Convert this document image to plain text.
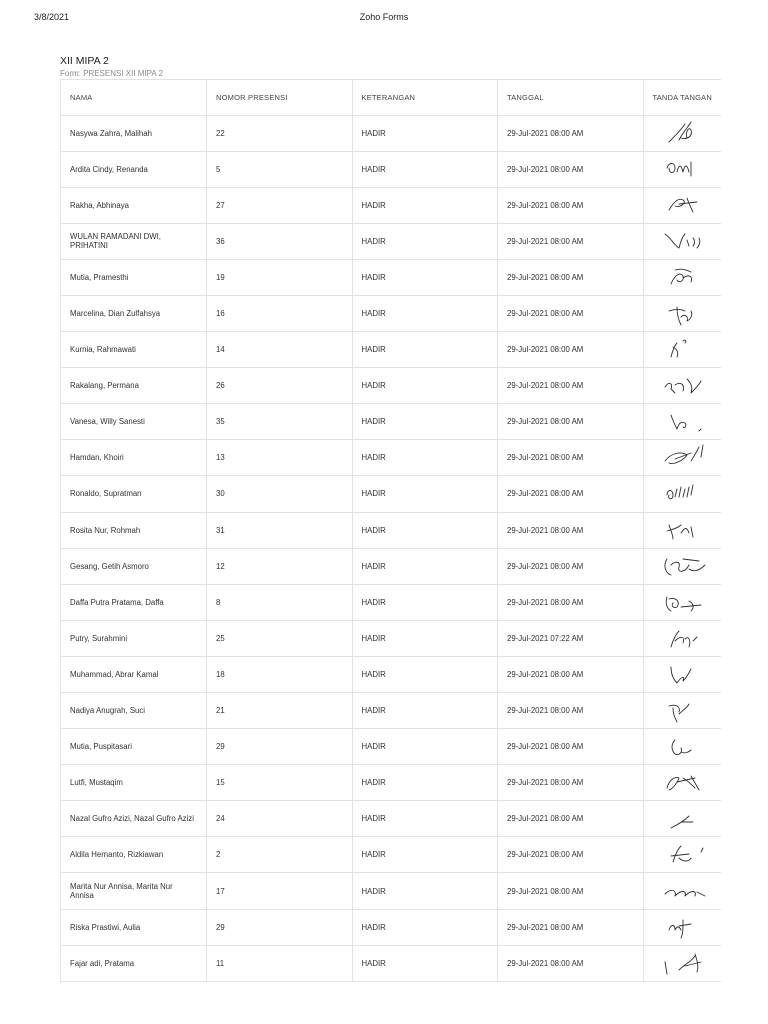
3/8/2021	Zoho Forms
XII MIPA 2
Form: PRESENSI XII MIPA 2
NAMA	NOMOR PRESENSI	KETERANGAN	TANGGAL	TANDA TANGAN
Nasywa Zahra, Malihah	22	HADIR	29-Jul-2021 08:00 AM	

Ardita Cindy, Renanda	5	HADIR	29-Jul-2021 08:00 AM	

Rakha, Abhinaya	27	HADIR	29-Jul-2021 08:00 AM	

WULAN RAMADANI DWI, PRIHATINI	36	HADIR	29-Jul-2021 08:00 AM	

Mutia, Pramesthi	19	HADIR	29-Jul-2021 08:00 AM	

Marcelina, Dian Zulfahsya	16	HADIR	29-Jul-2021 08:00 AM	

Kurnia, Rahmawati	14	HADIR	29-Jul-2021 08:00 AM	

Rakalang, Permana	26	HADIR	29-Jul-2021 08:00 AM	

Vanesa, Willy Sanesti	35	HADIR	29-Jul-2021 08:00 AM	

Hamdan, Khoiri	13	HADIR	29-Jul-2021 08:00 AM	

Ronaldo, Supratman	30	HADIR	29-Jul-2021 08:00 AM	

Rosita Nur, Rohmah	31	HADIR	29-Jul-2021 08:00 AM	

Gesang, Getih Asmoro	12	HADIR	29-Jul-2021 08:00 AM	

Daffa Putra Pratama, Daffa	8	HADIR	29-Jul-2021 08:00 AM	

Putry, Surahmini	25	HADIR	29-Jul-2021 07:22 AM	

Muhammad, Abrar Kamal	18	HADIR	29-Jul-2021 08:00 AM	

Nadiya Anugrah, Suci	21	HADIR	29-Jul-2021 08:00 AM	

Mutia, Puspitasari	29	HADIR	29-Jul-2021 08:00 AM	

Lutfi, Mustaqim	15	HADIR	29-Jul-2021 08:00 AM	

Nazal Gufro Azizi, Nazal Gufro Azizi	24	HADIR	29-Jul-2021 08:00 AM	

Aldila Hernanto, Rizkiawan	2	HADIR	29-Jul-2021 08:00 AM	

Marita Nur Annisa, Marita Nur Annisa	17	HADIR	29-Jul-2021 08:00 AM	

Riska Prastiwi, Aulia	29	HADIR	29-Jul-2021 08:00 AM	

Fajar adi, Pratama	11	HADIR	29-Jul-2021 08:00 AM	
